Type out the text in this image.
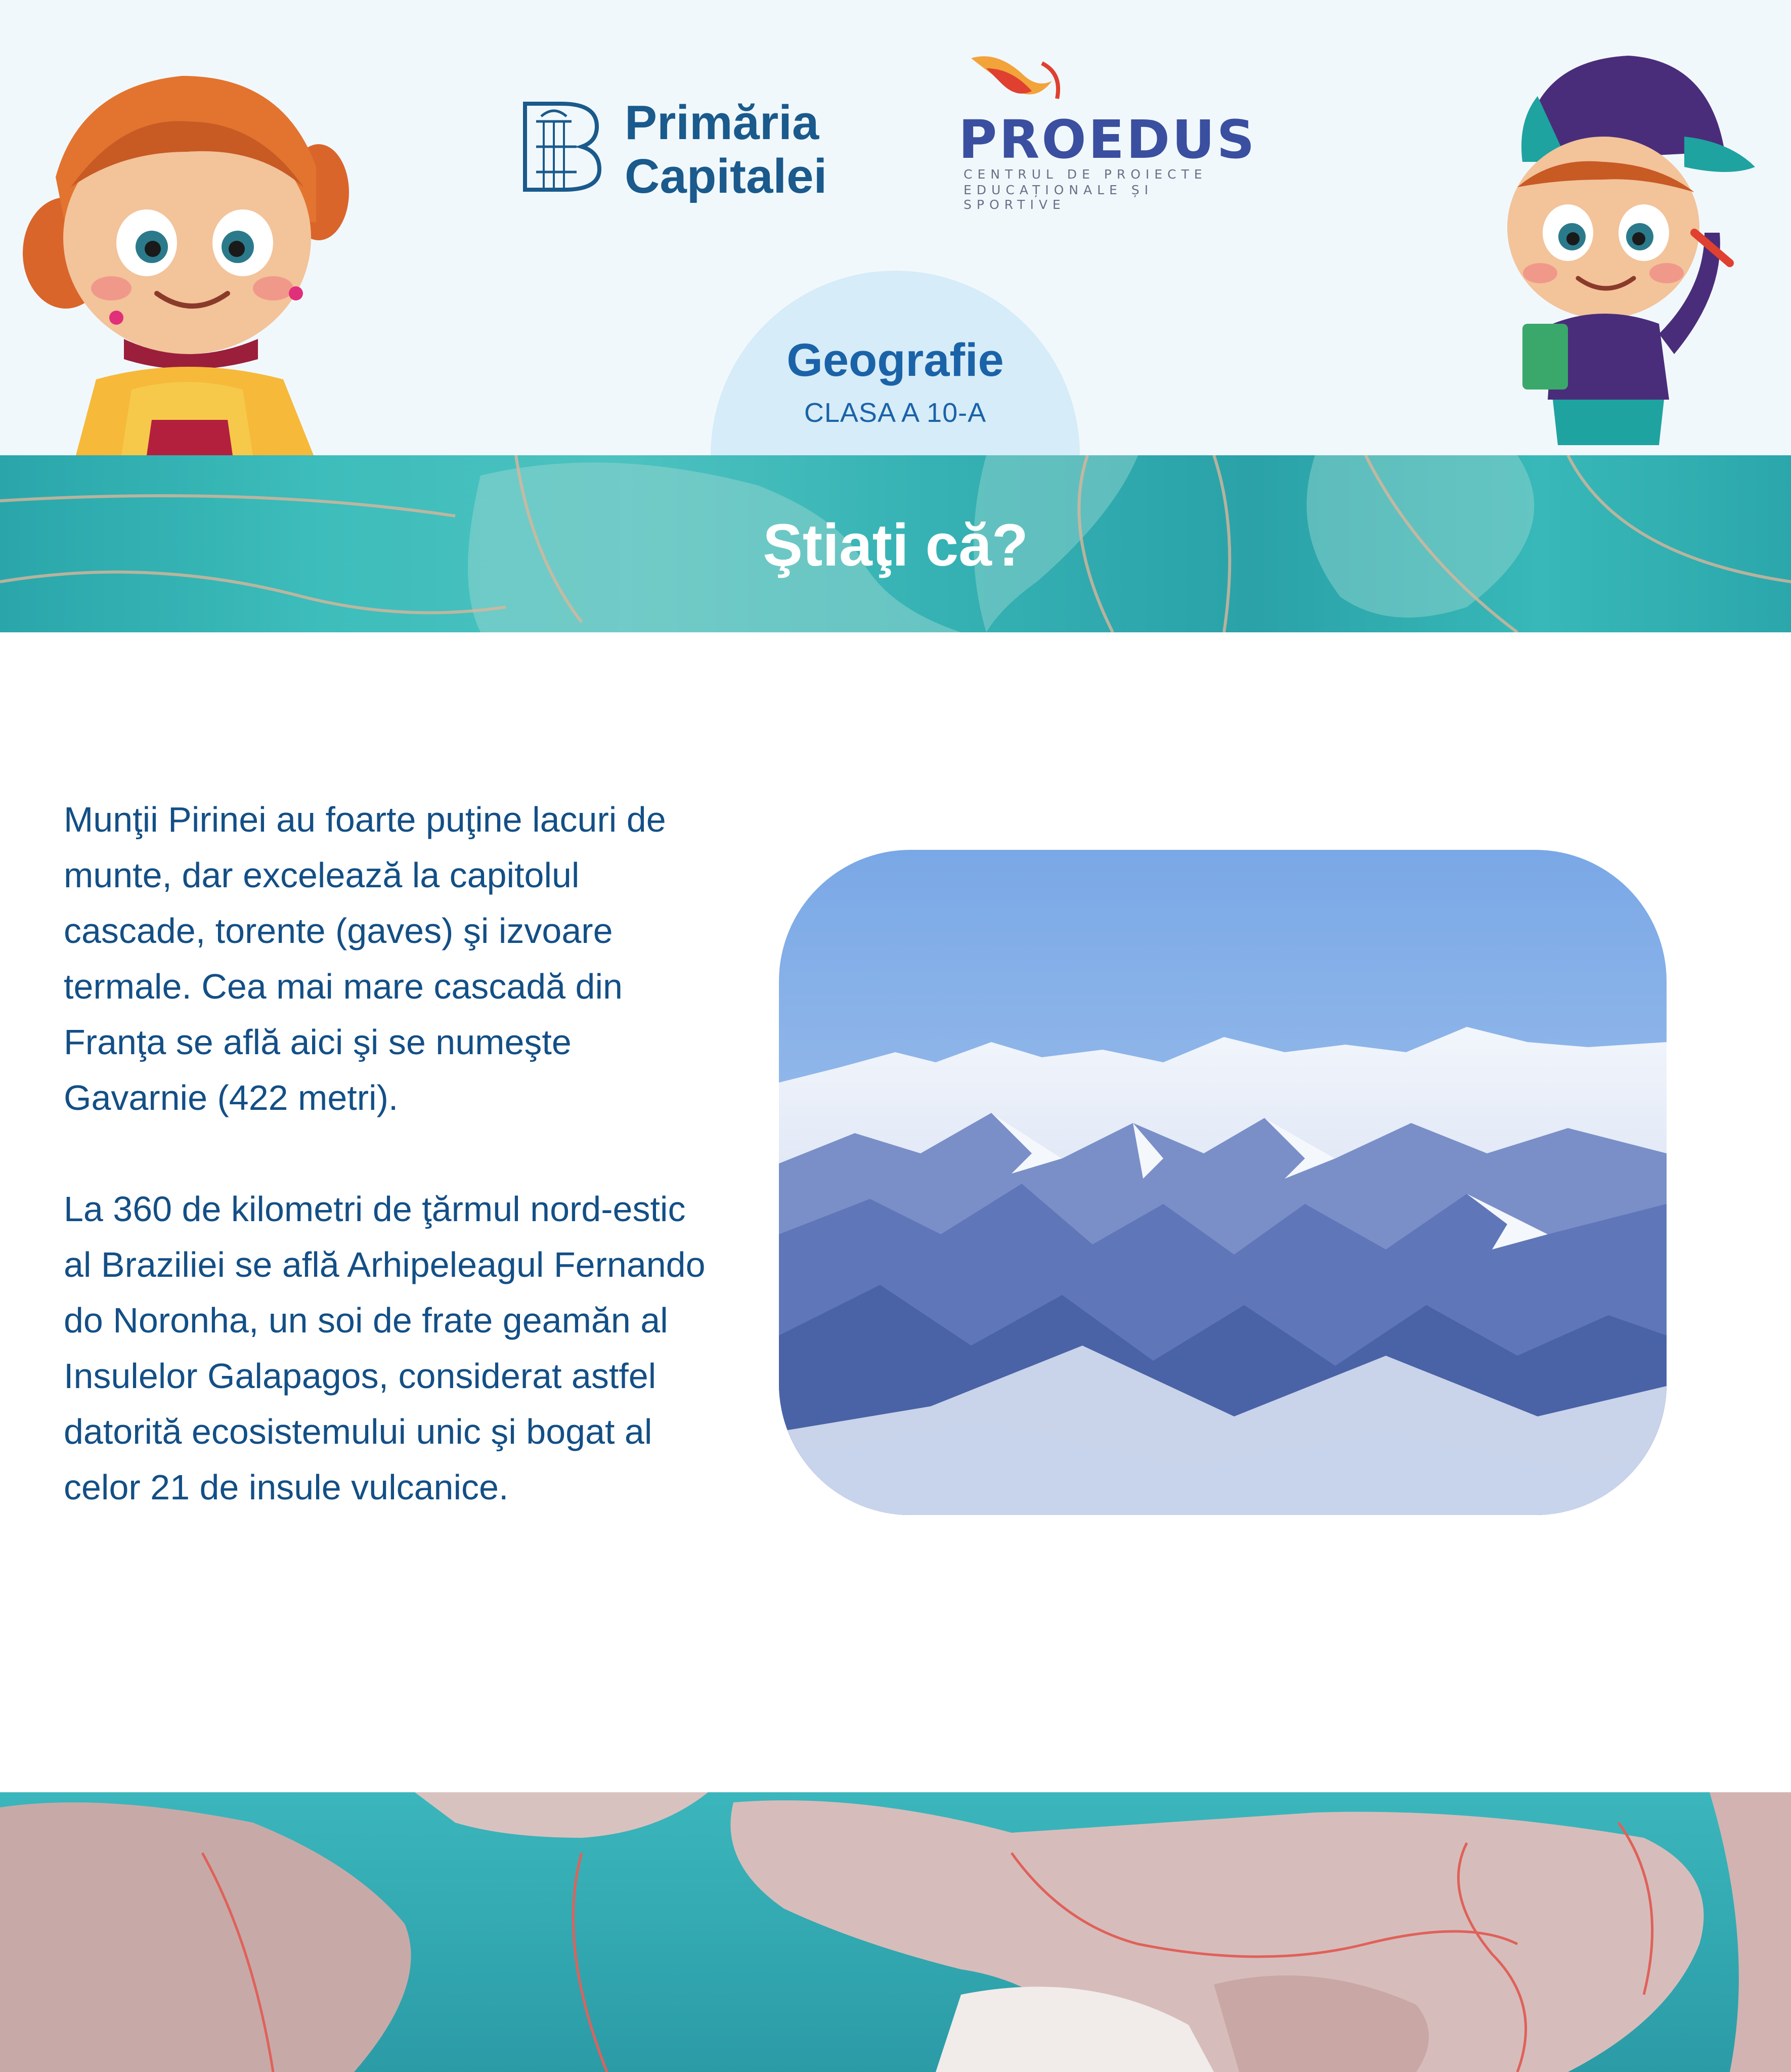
Primăria
Capitalei
PROEDUS
CENTRUL DE PROIECTE
EDUCAȚIONALE ȘI SPORTIVE
Geografie
CLASA A 10-A
Ştiaţi că?

Munţii Pirinei au foarte puţine lacuri de munte, dar excelează la capitolul cascade, torente (gaves) şi izvoare termale. Cea mai mare cascadă din Franţa se află aici şi se numeşte Gavarnie (422 metri).

La 360 de kilometri de ţărmul nord-estic al Braziliei se află Arhipeleagul Fernando do Noronha, un soi de frate geamăn al Insulelor Galapagos, considerat astfel datorită ecosistemului unic şi bogat al celor 21 de insule vulcanice.
